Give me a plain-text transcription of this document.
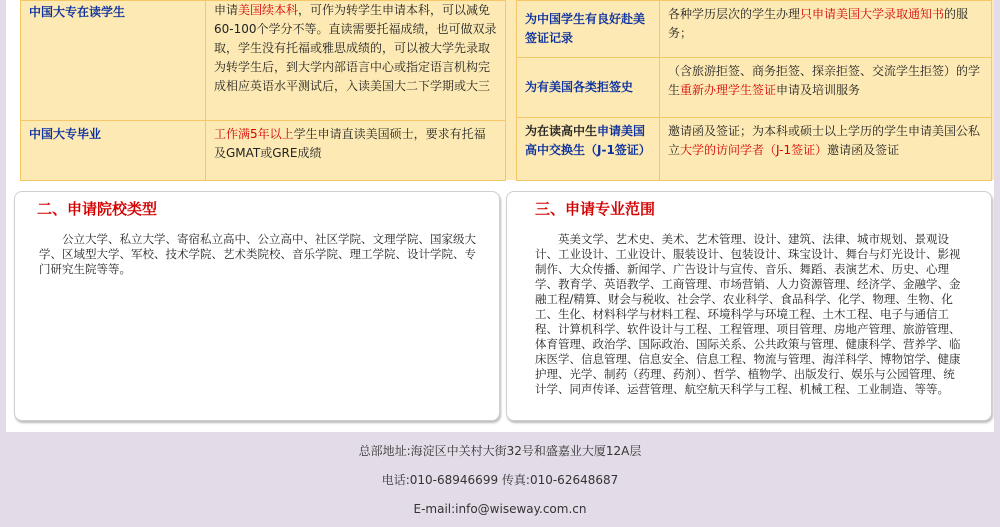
中国大专在读学生	申请美国续本科，可作为转学生申请本科，可以减免60-100个学分不等。直读需要托福成绩，也可做双录取，学生没有托福或雅思成绩的，可以被大学先录取为转学生后，到大学内部语言中心或指定语言机构完成相应英语水平测试后，入读美国大二下学期或大三
中国大专毕业	工作满5年以上学生申请直读美国硕士，要求有托福及GMAT或GRE成绩
为中国学生有良好赴美签证记录	各种学历层次的学生办理只申请美国大学录取通知书的服务；
为有美国各类拒签史	（含旅游拒签、商务拒签、探亲拒签、交流学生拒签）的学生重新办理学生签证申请及培训服务
为在读高中生申请美国高中交换生（J-1签证）	邀请函及签证；为本科或硕士以上学历的学生申请美国公私立大学的访问学者（J-1签证）邀请函及签证
二、申请院校类型

公立大学、私立大学、寄宿私立高中、公立高中、社区学院、文理学院、国家级大学、区域型大学、军校、技术学院、艺术类院校、音乐学院、理工学院、设计学院、专门研究生院等等。

三、申请专业范围

英美文学、艺术史、美术、艺术管理、设计、建筑、法律、城市规划、景观设计、工业设计、工业设计、服装设计、包装设计、珠宝设计、舞台与灯光设计、影视制作、大众传播、新闻学、广告设计与宣传、音乐、舞蹈、表演艺术、历史、心理学、教育学、英语教学、工商管理、市场营销、人力资源管理、经济学、金融学、金融工程/精算、财会与税收、社会学、农业科学、食品科学、化学、物理、生物、化工、生化、材料科学与材料工程、环境科学与环境工程、土木工程、电子与通信工程、计算机科学、软件设计与工程、工程管理、项目管理、房地产管理、旅游管理、体育管理、政治学、国际政治、国际关系、公共政策与管理、健康科学、营养学、临床医学、信息管理、信息安全、信息工程、物流与管理、海洋科学、博物馆学、健康护理、光学、制药（药理、药剂）、哲学、植物学、出版发行、娱乐与公园管理、统计学、同声传译、运营管理、航空航天科学与工程、机械工程、工业制造、等等。

总部地址:海淀区中关村大街32号和盛嘉业大厦12A层
电话:010-68946699 传真:010-62648687
E-mail:info@wiseway.com.cn
